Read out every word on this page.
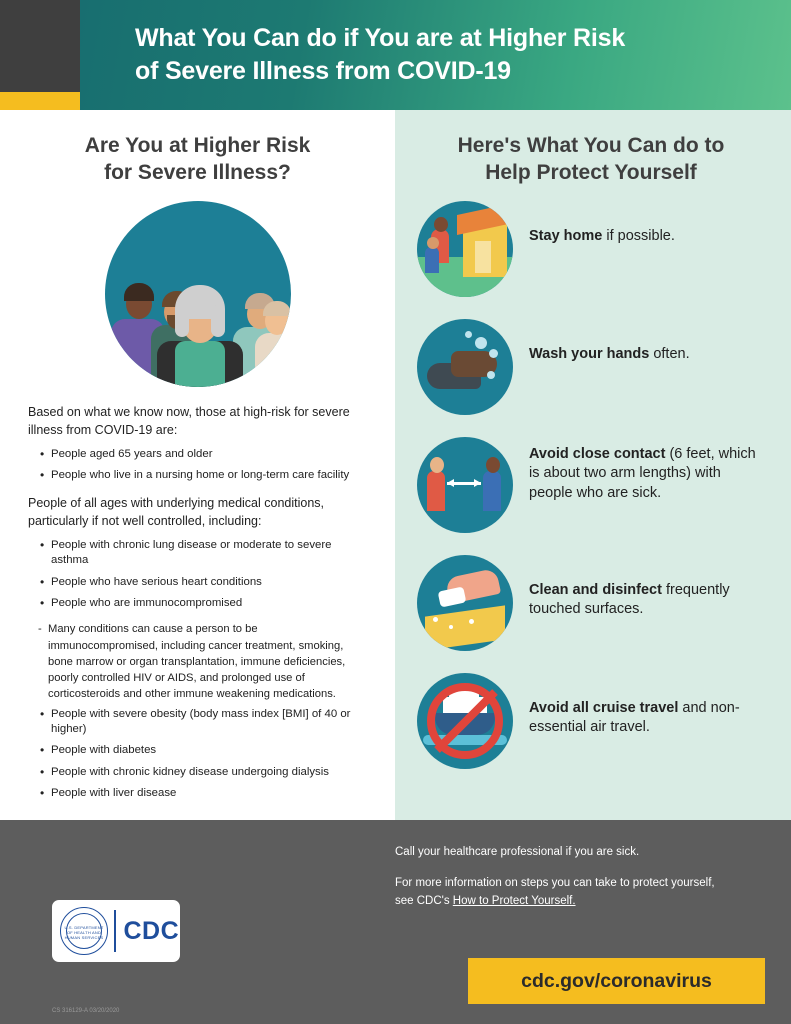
What You Can do if You are at Higher Risk
of Severe Illness from COVID-19
Are You at Higher Risk
for Severe Illness?

Based on what we know now, those at high-risk for severe illness from COVID-19 are:

• People aged 65 years and older
• People who live in a nursing home or long-term care facility

People of all ages with underlying medical conditions, particularly if not well controlled, including:

• People with chronic lung disease or moderate to severe asthma
• People who have serious heart conditions
• People who are immunocompromised
- Many conditions can cause a person to be immunocompromised, including cancer treatment, smoking, bone marrow or organ transplantation, immune deficiencies, poorly controlled HIV or AIDS, and prolonged use of corticosteroids and other immune weakening medications.
• People with severe obesity (body mass index [BMI] of 40 or higher)
• People with diabetes
• People with chronic kidney disease undergoing dialysis
• People with liver disease
Here's What You Can do to
Help Protect Yourself
Stay home if possible.
Wash your hands often.
Avoid close contact (6 feet, which is about two arm lengths) with people who are sick.
Clean and disinfect frequently touched surfaces.
Avoid all cruise travel and non-essential air travel.

Call your healthcare professional if you are sick.

For more information on steps you can take to protect yourself, see CDC's How to Protect Yourself.

U.S. DEPARTMENT OF HEALTH AND HUMAN SERVICES CDC
cdc.gov/coronavirus
CS 316129-A 03/20/2020
